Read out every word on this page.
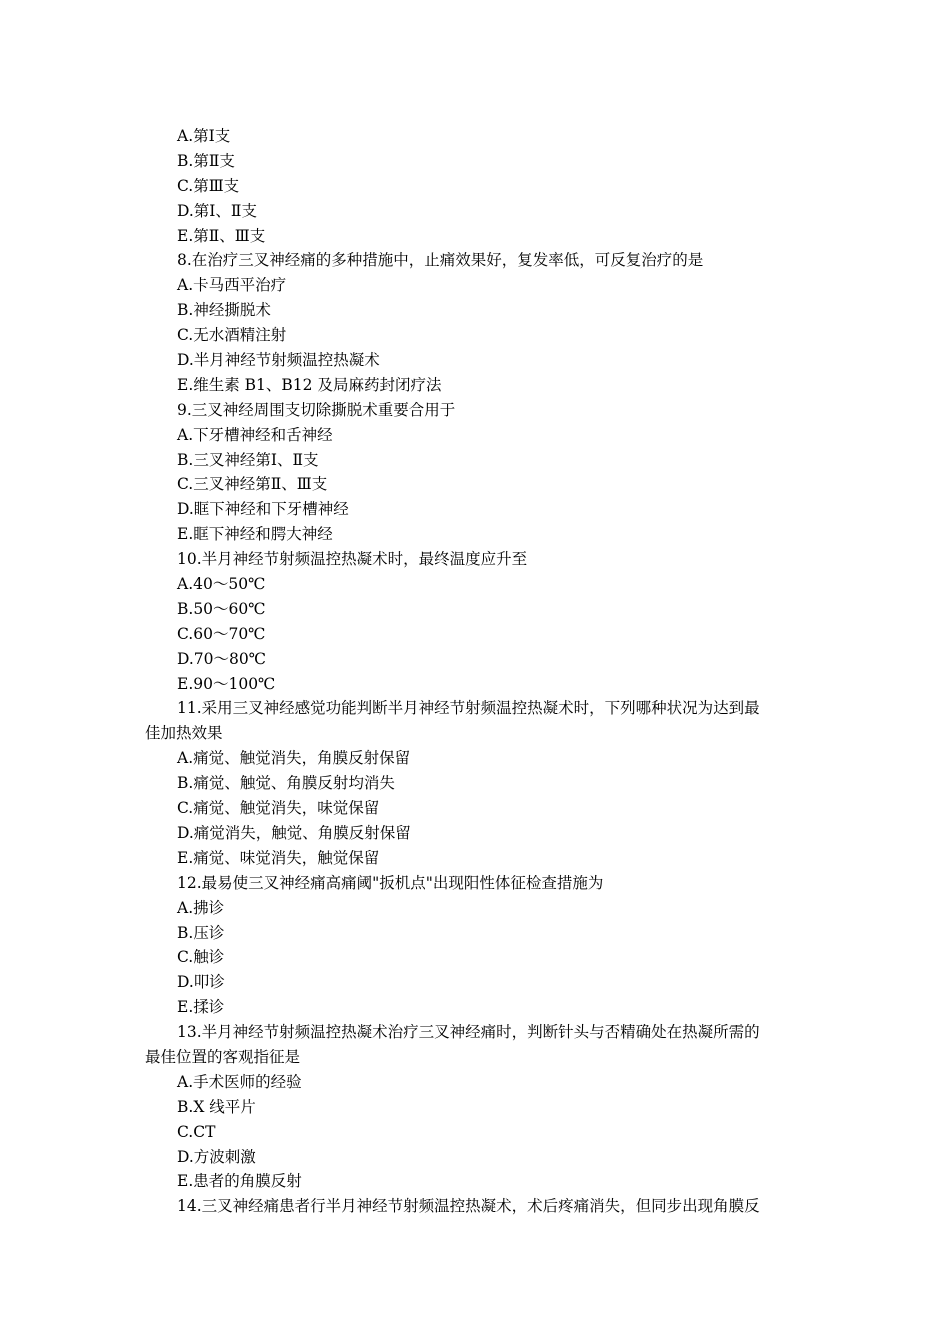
A.第Ⅰ支
B.第Ⅱ支
C.第Ⅲ支
D.第Ⅰ、Ⅱ支
E.第Ⅱ、Ⅲ支
8.在治疗三叉神经痛的多种措施中，止痛效果好，复发率低，可反复治疗的是
A.卡马西平治疗
B.神经撕脱术
C.无水酒精注射
D.半月神经节射频温控热凝术
E.维生素 B1、B12 及局麻药封闭疗法
9.三叉神经周围支切除撕脱术重要合用于
A.下牙槽神经和舌神经
B.三叉神经第Ⅰ、Ⅱ支
C.三叉神经第Ⅱ、Ⅲ支
D.眶下神经和下牙槽神经
E.眶下神经和腭大神经
10.半月神经节射频温控热凝术时，最终温度应升至
A.40～50℃
B.50～60℃
C.60～70℃
D.70～80℃
E.90～100℃
11.采用三叉神经感觉功能判断半月神经节射频温控热凝术时，下列哪种状况为达到最
佳加热效果
A.痛觉、触觉消失，角膜反射保留
B.痛觉、触觉、角膜反射均消失
C.痛觉、触觉消失，味觉保留
D.痛觉消失，触觉、角膜反射保留
E.痛觉、味觉消失，触觉保留
12.最易使三叉神经痛高痛阈"扳机点"出现阳性体征检查措施为
A.拂诊
B.压诊
C.触诊
D.叩诊
E.揉诊
13.半月神经节射频温控热凝术治疗三叉神经痛时，判断针头与否精确处在热凝所需的
最佳位置的客观指征是
A.手术医师的经验
B.X 线平片
C.CT
D.方波刺激
E.患者的角膜反射
14.三叉神经痛患者行半月神经节射频温控热凝术，术后疼痛消失，但同步出现角膜反
